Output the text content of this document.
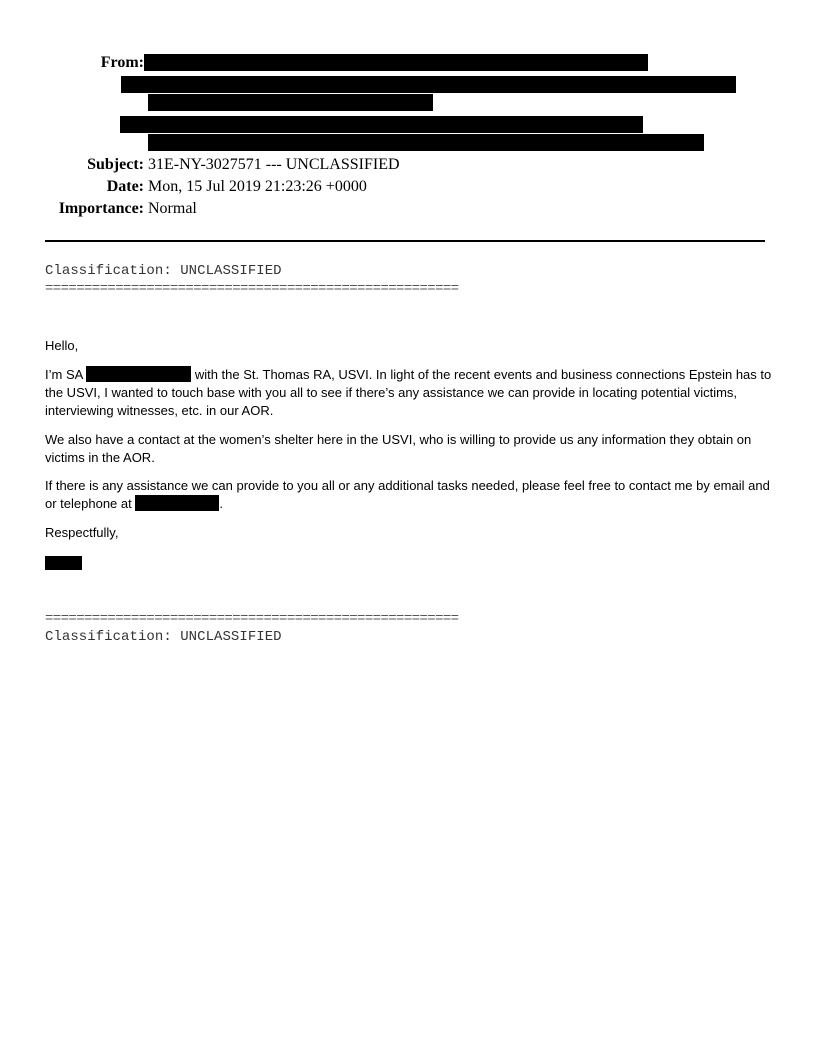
From:
Subject: 31E-NY-3027571 --- UNCLASSIFIED
Date: Mon, 15 Jul 2019 21:23:26 +0000
Importance: Normal
Classification: UNCLASSIFIED
=====================================================
Hello,
I’m SA	with the St. Thomas RA, USVI. In light of the recent events and business connections Epstein has to the USVI, I wanted to touch base with you all to see if there’s any assistance we can provide in locating potential victims, interviewing witnesses, etc. in our AOR.
We also have a contact at the women’s shelter here in the USVI, who is willing to provide us any information they obtain on victims in the AOR.
If there is any assistance we can provide to you all or any additional tasks needed, please feel free to contact me by email and or telephone at	.
Respectfully,
=====================================================
Classification: UNCLASSIFIED
